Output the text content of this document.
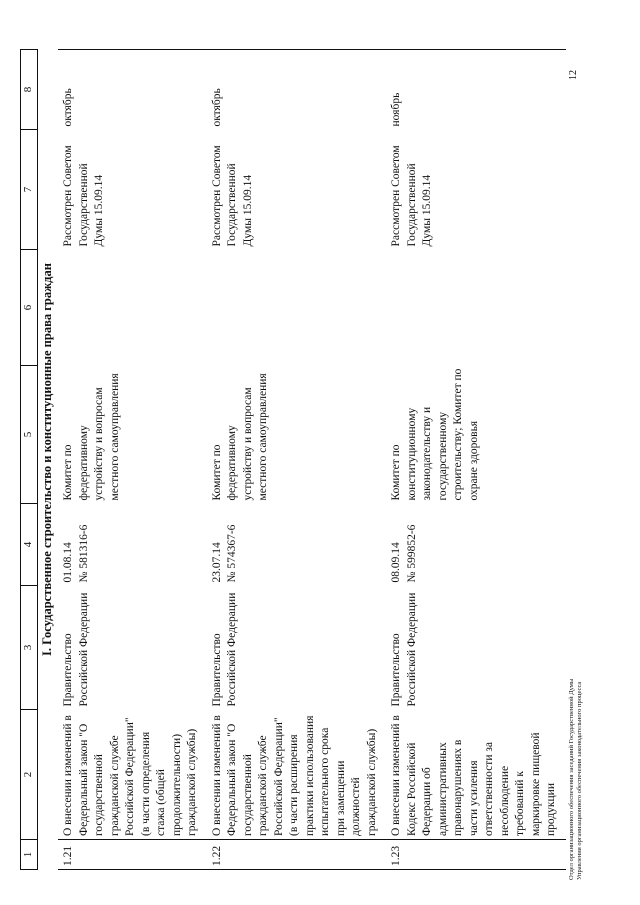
1	2	3	4	5	6	7	8
I. Государственное строительство и конституционные права граждан							
1.21	О внесении изменений в Федеральный закон "О государственной гражданской службе Российской Федерации" (в части определения стажа (общей продолжительности) гражданской службы)	Правительство Российской Федерации	01.08.14 № 581316-6	Комитет по федеративному устройству и вопросам местного самоуправления		Рассмотрен Советом Государственной Думы 15.09.14	октябрь
1.22	О внесении изменений в Федеральный закон "О государственной гражданской службе Российской Федерации" (в части расширения практики использования испытательного срока при замещении должностей гражданской службы)	Правительство Российской Федерации	23.07.14 № 574367-6	Комитет по федеративному устройству и вопросам местного самоуправления		Рассмотрен Советом Государственной Думы 15.09.14	октябрь
1.23	О внесении изменений в Кодекс Российской Федерации об административных правонарушениях в части усиления ответственности за несоблюдение требований к маркировке пищевой продукции	Правительство Российской Федерации	08.09.14 № 599852-6	Комитет по конституционному законодательству и государственному строительству; Комитет по охране здоровья		Рассмотрен Советом Государственной Думы 15.09.14	ноябрь
Отдел организационного обеспечения заседаний Государственной Думы Управления организационного обеспечения законодательного процесса
12
